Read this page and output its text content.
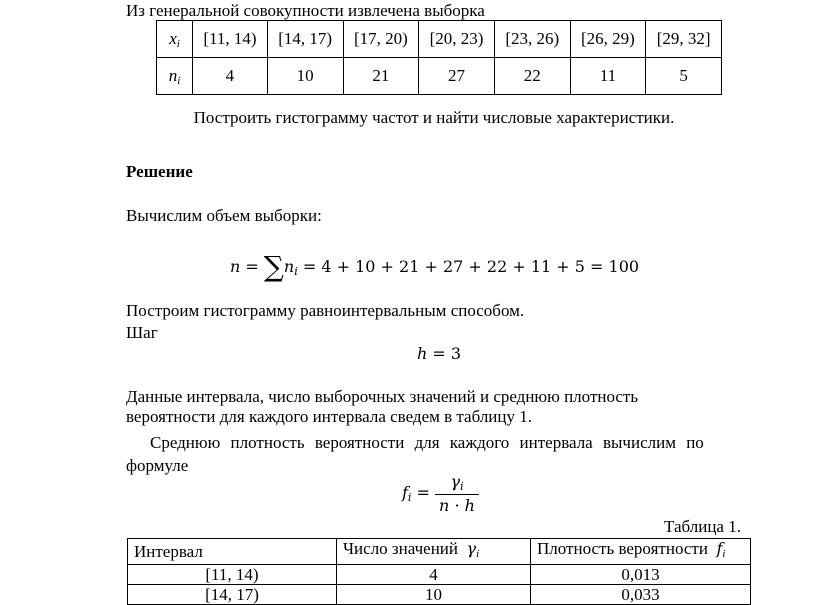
Из генеральной совокупности извлечена выборка
$x_i$	[11, 14)	[14, 17)	[17, 20)	[20, 23)	[23, 26)	[26, 29)	[29, 32]
$n_i$	4	10	21	27	22	11	5
Построить гистограмму частот и найти числовые характеристики.
Решение
Вычислим объем выборки:
$n = \sum n_i = 4 + 10 + 21 + 27 + 22 + 11 + 5 = 100$
Построим гистограмму равноинтервальным способом.
Шаг
h = 3
Данные интервала, число выборочных значений и среднюю плотность
вероятности для каждого интервала сведем в таблицу 1.
Среднюю плотность вероятности для каждого интервала вычислим по
формуле
$f_i = \frac{\gamma_i}{n \cdot h}$
Таблица 1.
Интервал	Число значений $\gamma_i$	Плотность вероятности $f_i$
[11, 14)	4	0,013
[14, 17)	10	0,033
